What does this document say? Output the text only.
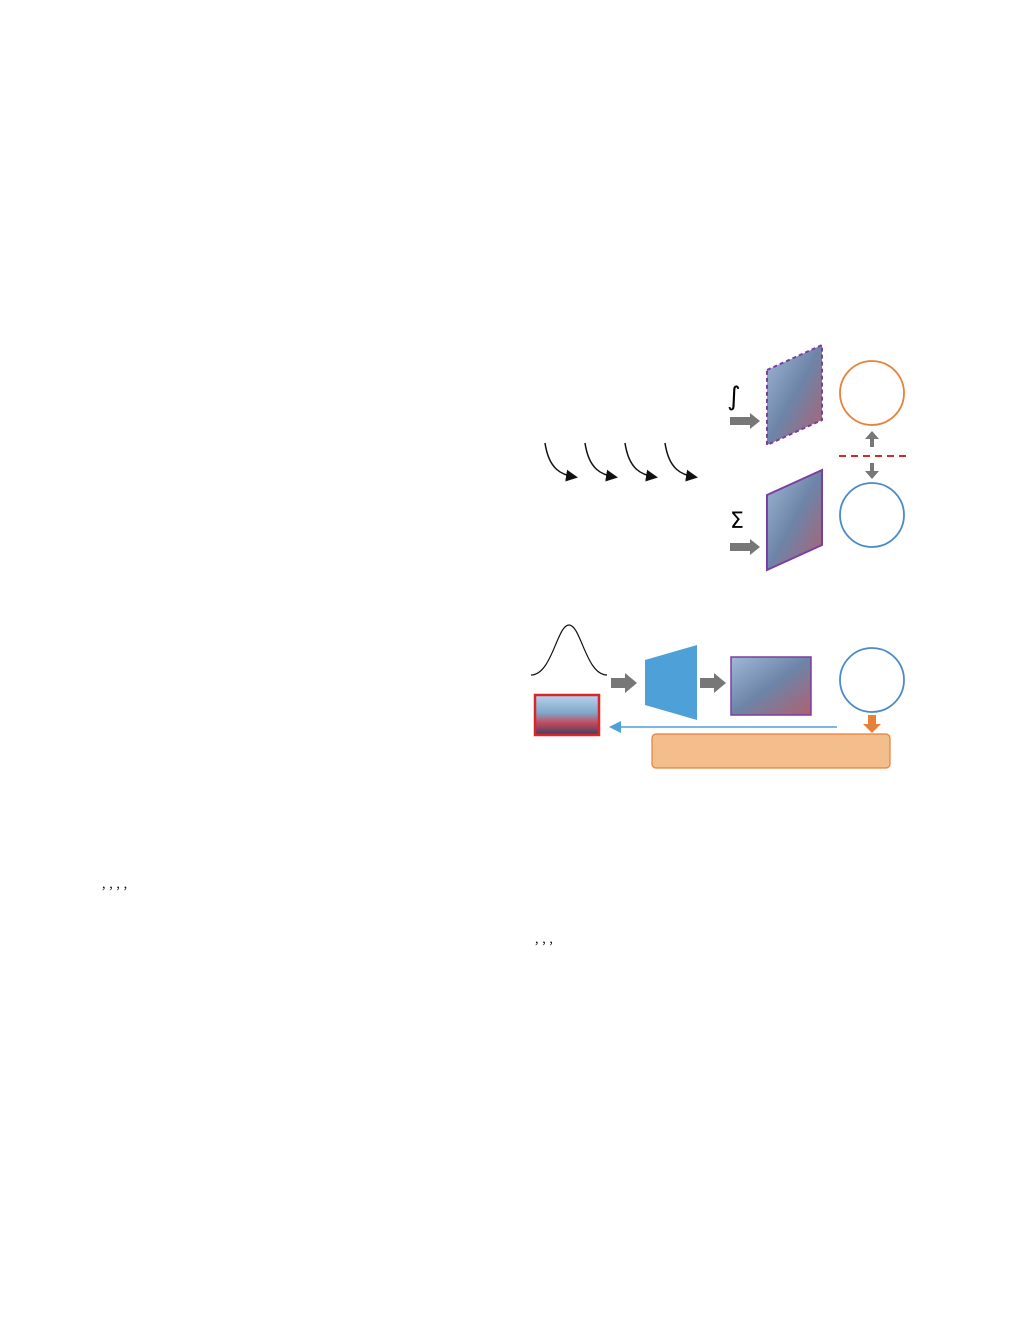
, , , ,

, , ,

∫
Σ
